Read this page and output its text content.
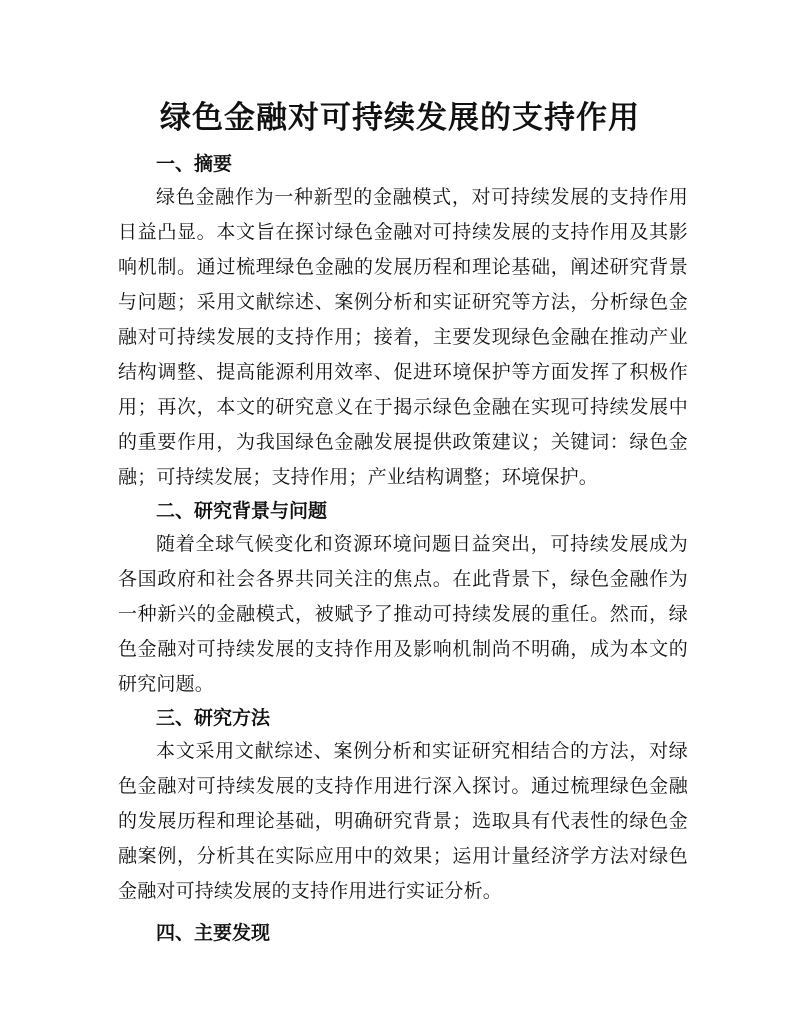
绿色金融对可持续发展的支持作用
一、摘要

绿色金融作为一种新型的金融模式，对可持续发展的支持作用日益凸显。本文旨在探讨绿色金融对可持续发展的支持作用及其影响机制。通过梳理绿色金融的发展历程和理论基础，阐述研究背景与问题；采用文献综述、案例分析和实证研究等方法，分析绿色金融对可持续发展的支持作用；接着，主要发现绿色金融在推动产业结构调整、提高能源利用效率、促进环境保护等方面发挥了积极作用；再次，本文的研究意义在于揭示绿色金融在实现可持续发展中的重要作用，为我国绿色金融发展提供政策建议；关键词：绿色金融；可持续发展；支持作用；产业结构调整；环境保护。

二、研究背景与问题

随着全球气候变化和资源环境问题日益突出，可持续发展成为各国政府和社会各界共同关注的焦点。在此背景下，绿色金融作为一种新兴的金融模式，被赋予了推动可持续发展的重任。然而，绿色金融对可持续发展的支持作用及影响机制尚不明确，成为本文的研究问题。

三、研究方法

本文采用文献综述、案例分析和实证研究相结合的方法，对绿色金融对可持续发展的支持作用进行深入探讨。通过梳理绿色金融的发展历程和理论基础，明确研究背景；选取具有代表性的绿色金融案例，分析其在实际应用中的效果；运用计量经济学方法对绿色金融对可持续发展的支持作用进行实证分析。

四、主要发现
